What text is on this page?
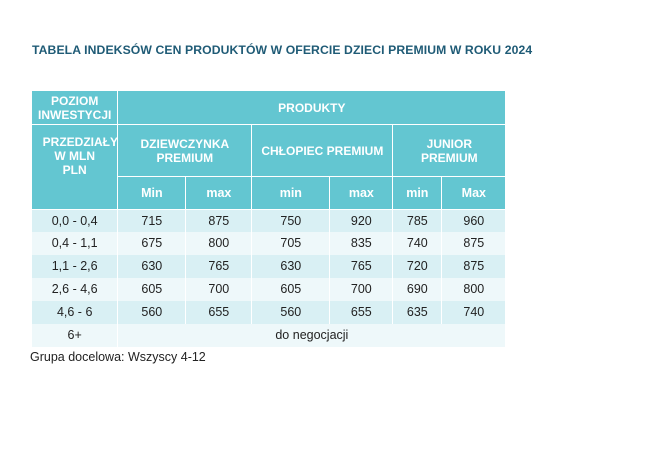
TABELA INDEKSÓW CEN PRODUKTÓW W OFERCIE DZIECI PREMIUM W ROKU 2024
POZIOM INWESTYCJI	PRODUKTY					
PRZEDZIAŁY W MLN PLN	DZIEWCZYNKA PREMIUM		CHŁOPIEC PREMIUM		JUNIOR PREMIUM	
	Min	max	min	max	min	Max
0,0 - 0,4	715	875	750	920	785	960
0,4 - 1,1	675	800	705	835	740	875
1,1 - 2,6	630	765	630	765	720	875
2,6 - 4,6	605	700	605	700	690	800
4,6 - 6	560	655	560	655	635	740
6+	do negocjacji					
Grupa docelowa: Wszyscy 4-12
